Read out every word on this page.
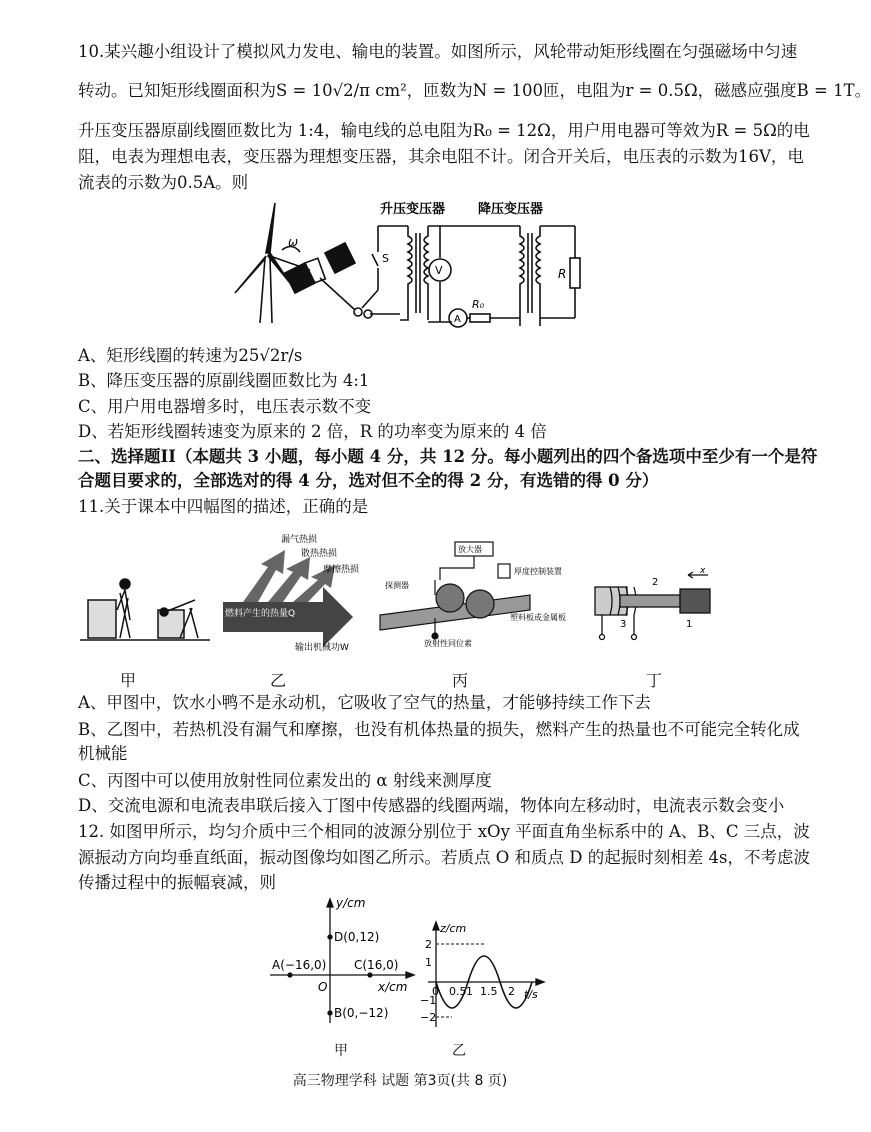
10.某兴趣小组设计了模拟风力发电、输电的装置。如图所示，风轮带动矩形线圈在匀强磁场中匀速
转动。已知矩形线圈面积为S = 10√2/π cm²，匝数为N = 100匝，电阻为r = 0.5Ω，磁感应强度B = 1T。
升压变压器原副线圈匝数比为 1:4，输电线的总电阻为R₀ = 12Ω，用户用电器可等效为R = 5Ω的电
阻，电表为理想电表，变压器为理想变压器，其余电阻不计。闭合开关后，电压表的示数为16V，电
流表的示数为0.5A。则
升压变压器	降压变压器
ω
S
V
A
R₀
R
A、矩形线圈的转速为25√2r/s
B、降压变压器的原副线圈匝数比为 4:1
C、用户用电器增多时，电压表示数不变
D、若矩形线圈转速变为原来的 2 倍，R 的功率变为原来的 4 倍
二、选择题II（本题共 3 小题，每小题 4 分，共 12 分。每小题列出的四个备选项中至少有一个是符
合题目要求的，全部选对的得 4 分，选对但不全的得 2 分，有选错的得 0 分）
11.关于课本中四幅图的描述，正确的是
漏气热损
散热热损
摩擦热损
燃料产生的热量Q
输出机械功W
放大器
厚度控制装置
探测器
放射性同位素
塑料板或金属板
2
3	1
x
甲	乙	丙	丁
A、甲图中，饮水小鸭不是永动机，它吸收了空气的热量，才能够持续工作下去
B、乙图中，若热机没有漏气和摩擦，也没有机体热量的损失，燃料产生的热量也不可能完全转化成
机械能
C、丙图中可以使用放射性同位素发出的 α 射线来测厚度
D、交流电源和电流表串联后接入丁图中传感器的线圈两端，物体向左移动时，电流表示数会变小
12. 如图甲所示，均匀介质中三个相同的波源分别位于 xOy 平面直角坐标系中的 A、B、C 三点，波
源振动方向均垂直纸面，振动图像均如图乙所示。若质点 O 和质点 D 的起振时刻相差 4s，不考虑波
传播过程中的振幅衰减，则
y/cm
x/cm
O
D(0,12)
A(−16,0) C(16,0)
B(0,−12)
甲
z/cm
t/s
2
1
−1
−2
0 0.5 1 1.5 2
乙
高三物理学科 试题 第3页(共 8 页)
